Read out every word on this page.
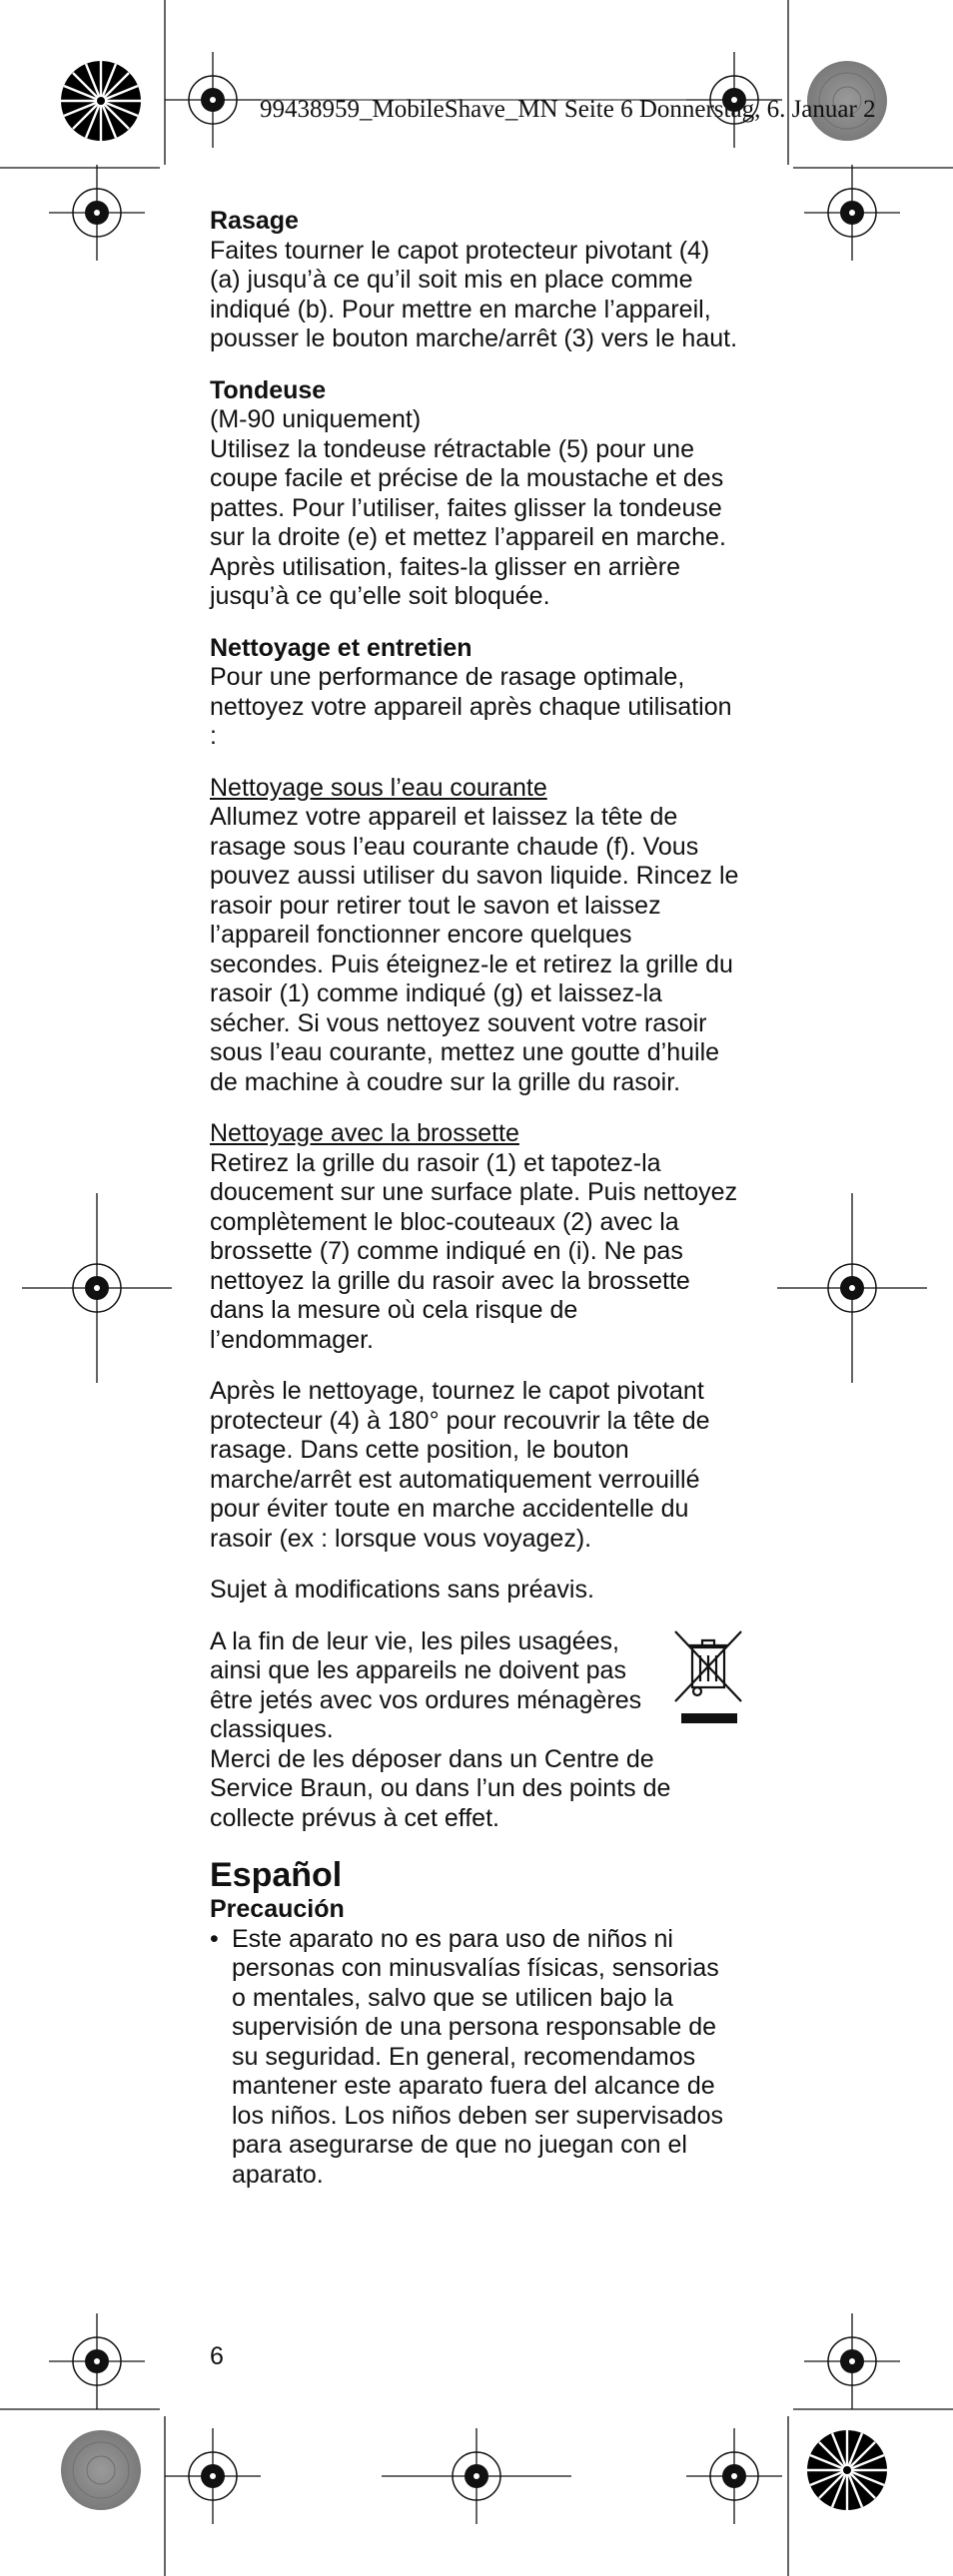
99438959_MobileShave_MN Seite 6 Donnerstag, 6. Januar 2

Rasage

Faites tourner le capot protecteur pivotant (4) (a) jusqu’à ce qu’il soit mis en place comme indiqué (b). Pour mettre en marche l’appareil, pousser le bouton marche/arrêt (3) vers le haut.

Tondeuse

(M-90 uniquement)

Utilisez la tondeuse rétractable (5) pour une coupe facile et précise de la moustache et des pattes. Pour l’utiliser, faites glisser la tondeuse sur la droite (e) et mettez l’appareil en marche. Après utilisation, faites-la glisser en arrière jusqu’à ce qu’elle soit bloquée.

Nettoyage et entretien

Pour une performance de rasage optimale, nettoyez votre appareil après chaque utilisation :

Nettoyage sous l’eau courante

Allumez votre appareil et laissez la tête de rasage sous l’eau courante chaude (f). Vous pouvez aussi utiliser du savon liquide. Rincez le rasoir pour retirer tout le savon et laissez l’appareil fonctionner encore quelques secondes. Puis éteignez-le et retirez la grille du rasoir (1) comme indiqué (g) et laissez-la sécher. Si vous nettoyez souvent votre rasoir sous l’eau courante, mettez une goutte d’huile de machine à coudre sur la grille du rasoir.

Nettoyage avec la brossette

Retirez la grille du rasoir (1) et tapotez-la doucement sur une surface plate. Puis nettoyez complètement le bloc-couteaux (2) avec la brossette (7) comme indiqué en (i). Ne pas nettoyez la grille du rasoir avec la brossette dans la mesure où cela risque de l’endommager.

Après le nettoyage, tournez le capot pivotant protecteur (4) à 180° pour recouvrir la tête de rasage. Dans cette position, le bouton marche/arrêt est automatiquement verrouillé pour éviter toute en marche accidentelle du rasoir (ex : lorsque vous voyagez).

Sujet à modifications sans préavis.

A la fin de leur vie, les piles usagées, ainsi que les appareils ne doivent pas être jetés avec vos ordures ménagères classiques.

Merci de les déposer dans un Centre de Service Braun, ou dans l’un des points de collecte prévus à cet effet.

Español

Precaución

• Este aparato no es para uso de niños ni personas con minusvalías físicas, sensorias o mentales, salvo que se utilicen bajo la supervisión de una persona responsable de su seguridad. En general, recomendamos mantener este aparato fuera del alcance de los niños. Los niños deben ser supervisados para asegurarse de que no juegan con el aparato.
6
